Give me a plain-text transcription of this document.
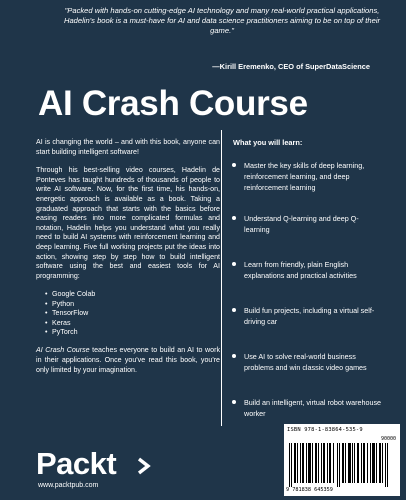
"Packed with hands-on cutting-edge AI technology and many real-world practical applications, Hadelin's book is a must-have for AI and data science practitioners aiming to be on top of their game."
—Kirill Eremenko, CEO of SuperDataScience
AI Crash Course

AI is changing the world – and with this book, anyone can start building intelligent software!

Through his best-selling video courses, Hadelin de Ponteves has taught hundreds of thousands of people to write AI software. Now, for the first time, his hands-on, energetic approach is available as a book. Taking a graduated approach that starts with the basics before easing readers into more complicated formulas and notation, Hadelin helps you understand what you really need to build AI systems with reinforcement learning and deep learning. Five full working projects put the ideas into action, showing step by step how to build intelligent software using the best and easiest tools for AI programming:

• Google Colab
• Python
• TensorFlow
• Keras
• PyTorch

AI Crash Course teaches everyone to build an AI to work in their applications. Once you've read this book, you're only limited by your imagination.

What you will learn:
Master the key skills of deep learning, reinforcement learning, and deep reinforcement learning
Understand Q-learning and deep Q-learning
Learn from friendly, plain English explanations and practical activities
Build fun projects, including a virtual self-driving car
Use AI to solve real-world business problems and win classic video games
Build an intelligent, virtual robot warehouse worker
ISBN 978-1-83864-535-9
90000
9 781838 645359
Packt
www.packtpub.com
